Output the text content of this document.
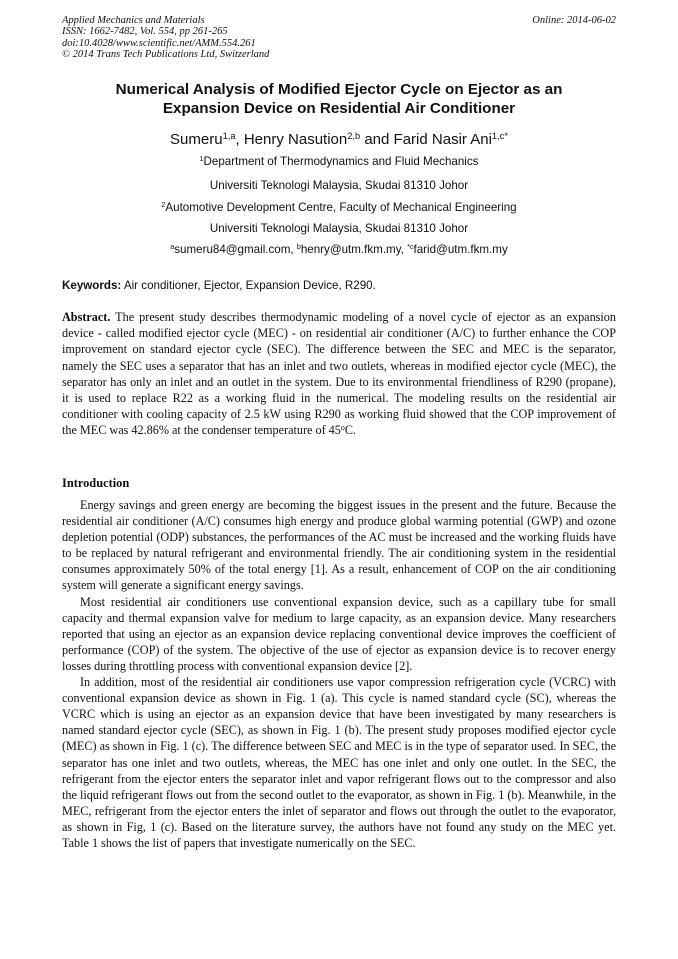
Applied Mechanics and Materials
ISSN: 1662-7482, Vol. 554, pp 261-265
doi:10.4028/www.scientific.net/AMM.554.261
© 2014 Trans Tech Publications Ltd, Switzerland
Online: 2014-06-02
Numerical Analysis of Modified Ejector Cycle on Ejector as an
Expansion Device on Residential Air Conditioner
Sumeru$^{1,a}$, Henry Nasution$^{2,b}$ and Farid Nasir Ani$^{1,c*}$
$^1$Department of Thermodynamics and Fluid Mechanics
Universiti Teknologi Malaysia, Skudai 81310 Johor
$^2$Automotive Development Centre, Faculty of Mechanical Engineering
Universiti Teknologi Malaysia, Skudai 81310 Johor
$^a$sumeru84@gmail.com, $^b$henry@utm.fkm.my, $^{*c}$farid@utm.fkm.my
Keywords: Air conditioner, Ejector, Expansion Device, R290.

Abstract. The present study describes thermodynamic modeling of a novel cycle of ejector as an expansion device - called modified ejector cycle (MEC) - on residential air conditioner (A/C) to further enhance the COP improvement on standard ejector cycle (SEC). The difference between the SEC and MEC is the separator, namely the SEC uses a separator that has an inlet and two outlets, whereas in modified ejector cycle (MEC), the separator has only an inlet and an outlet in the system. Due to its environmental friendliness of R290 (propane), it is used to replace R22 as a working fluid in the numerical. The modeling results on the residential air conditioner with cooling capacity of 2.5 kW using R290 as working fluid showed that the COP improvement of the MEC was 42.86% at the condenser temperature of 45$^o$C.

Introduction

Energy savings and green energy are becoming the biggest issues in the present and the future. Because the residential air conditioner (A/C) consumes high energy and produce global warming potential (GWP) and ozone depletion potential (ODP) substances, the performances of the AC must be increased and the working fluids have to be replaced by natural refrigerant and environmental friendly. The air conditioning system in the residential consumes approximately 50% of the total energy [1]. As a result, enhancement of COP on the air conditioning system will generate a significant energy savings.

Most residential air conditioners use conventional expansion device, such as a capillary tube for small capacity and thermal expansion valve for medium to large capacity, as an expansion device. Many researchers reported that using an ejector as an expansion device replacing conventional device improves the coefficient of performance (COP) of the system. The objective of the use of ejector as expansion device is to recover energy losses during throttling process with conventional expansion device [2].

In addition, most of the residential air conditioners use vapor compression refrigeration cycle (VCRC) with conventional expansion device as shown in Fig. 1 (a). This cycle is named standard cycle (SC), whereas the VCRC which is using an ejector as an expansion device that have been investigated by many researchers is named standard ejector cycle (SEC), as shown in Fig. 1 (b). The present study proposes modified ejector cycle (MEC) as shown in Fig. 1 (c). The difference between SEC and MEC is in the type of separator used. In SEC, the separator has one inlet and two outlets, whereas, the MEC has one inlet and only one outlet. In the SEC, the refrigerant from the ejector enters the separator inlet and vapor refrigerant flows out to the compressor and also the liquid refrigerant flows out from the second outlet to the evaporator, as shown in Fig. 1 (b). Meanwhile, in the MEC, refrigerant from the ejector enters the inlet of separator and flows out through the outlet to the evaporator, as shown in Fig, 1 (c). Based on the literature survey, the authors have not found any study on the MEC yet. Table 1 shows the list of papers that investigate numerically on the SEC.
